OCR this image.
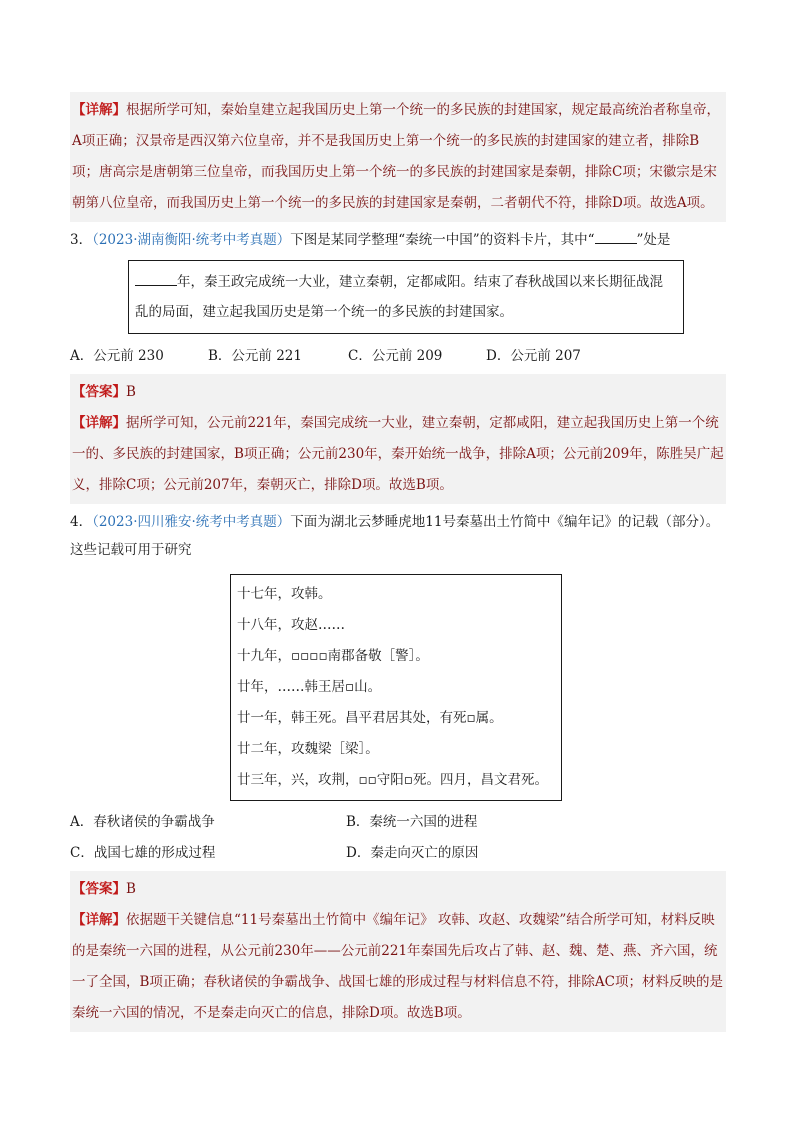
【详解】根据所学可知，秦始皇建立起我国历史上第一个统一的多民族的封建国家，规定最高统治者称皇帝，A项正确；汉景帝是西汉第六位皇帝，并不是我国历史上第一个统一的多民族的封建国家的建立者，排除B项；唐高宗是唐朝第三位皇帝，而我国历史上第一个统一的多民族的封建国家是秦朝，排除C项；宋徽宗是宋朝第八位皇帝，而我国历史上第一个统一的多民族的封建国家是秦朝，二者朝代不符，排除D项。故选A项。

3．（2023·湖南衡阳·统考中考真题）下图是某同学整理“秦统一中国”的资料卡片，其中“	”处是

年，秦王政完成统一大业，建立秦朝，定都咸阳。结束了春秋战国以来长期征战混乱的局面，建立起我国历史是第一个统一的多民族的封建国家。
A．公元前 230	B．公元前 221	C．公元前 209	D．公元前 207

【答案】B
【详解】据所学可知，公元前221年，秦国完成统一大业，建立秦朝，定都咸阳，建立起我国历史上第一个统一的、多民族的封建国家，B项正确；公元前230年，秦开始统一战争，排除A项；公元前209年，陈胜吴广起义，排除C项；公元前207年，秦朝灭亡，排除D项。故选B项。

4．（2023·四川雅安·统考中考真题）下面为湖北云梦睡虎地11号秦墓出土竹简中《编年记》的记载（部分）。这些记载可用于研究

十七年，攻韩。
十八年，攻赵……
十九年，▫▫▫▫南郡备敬［警］。
廿年，……韩王居▫山。
廿一年，韩王死。昌平君居其处，有死▫属。
廿二年，攻魏梁［梁］。
廿三年，兴，攻荆，▫▫守阳▫死。四月，昌文君死。
A．春秋诸侯的争霸战争	B．秦统一六国的进程
C．战国七雄的形成过程	D．秦走向灭亡的原因

【答案】B
【详解】依据题干关键信息“11号秦墓出土竹简中《编年记》 攻韩、攻赵、攻魏梁”结合所学可知，材料反映的是秦统一六国的进程，从公元前230年——公元前221年秦国先后攻占了韩、赵、魏、楚、燕、齐六国，统一了全国，B项正确；春秋诸侯的争霸战争、战国七雄的形成过程与材料信息不符，排除AC项；材料反映的是秦统一六国的情况，不是秦走向灭亡的信息，排除D项。故选B项。
